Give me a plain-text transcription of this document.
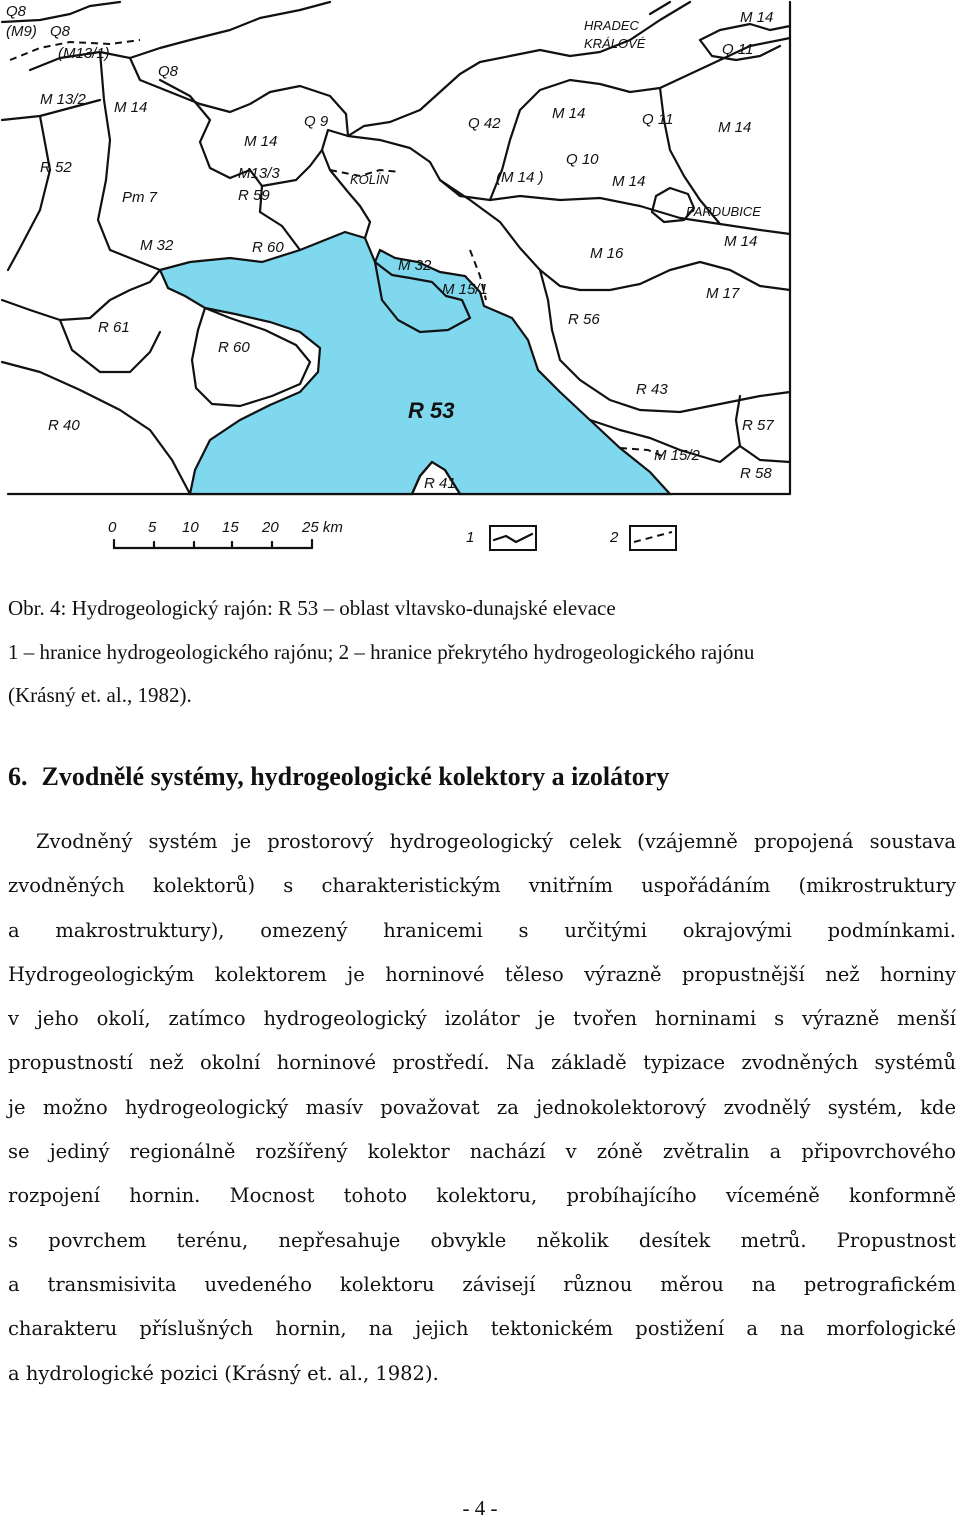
Q8
(M9) Q8
(M13/1)
Q8
M 13/2 M 14
M 14
Q 9
M13/3
R 59
R 52
Pm 7
M 32	R 60
KOLÍN
HRADEC
KRÁLOVÉ
M 14
Q 11
Q 42
M 14	Q 11	M 14
Q 10
(M 14 )	M 14
PARDUBICE
M 14
M 16
M 32
M 15/1	M 17
R 61
R 60
R 56
R 43
R 53
R 40	R 57
M 15/2
R 58
R 41
0 5 10 15 20 25 km
1	2
Obr. 4: Hydrogeologický rajón: R 53 – oblast vltavsko-dunajské elevace
1 – hranice hydrogeologického rajónu; 2 – hranice překrytého hydrogeologického rajónu
(Krásný et. al., 1982).
6. Zvodnělé systémy, hydrogeologické kolektory a izolátory
Zvodněný systém je prostorový hydrogeologický celek (vzájemně propojená soustava
zvodněných kolektorů) s charakteristickým vnitřním uspořádáním (mikrostruktury
a makrostruktury), omezený hranicemi s určitými okrajovými podmínkami.
Hydrogeologickým kolektorem je horninové těleso výrazně propustnější než horniny
v jeho okolí, zatímco hydrogeologický izolátor je tvořen horninami s výrazně menší
propustností než okolní horninové prostředí. Na základě typizace zvodněných systémů
je možno hydrogeologický masív považovat za jednokolektorový zvodnělý systém, kde
se jediný regionálně rozšířený kolektor nachází v zóně zvětralin a připovrchového
rozpojení hornin. Mocnost tohoto kolektoru, probíhajícího víceméně konformně
s povrchem terénu, nepřesahuje obvykle několik desítek metrů. Propustnost
a transmisivita uvedeného kolektoru závisejí různou měrou na petrografickém
charakteru příslušných hornin, na jejich tektonickém postižení a na morfologické
a hydrologické pozici (Krásný et. al., 1982).
- 4 -
